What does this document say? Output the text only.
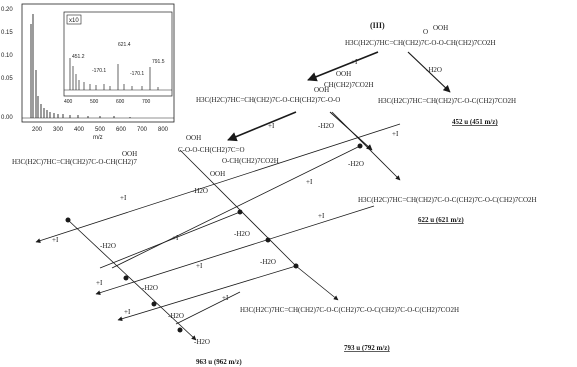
0.20
0.15
0.10
0.05
0.00
200 300 400 500 600 700 800
m/z
x10
451.2
621.4
791.5
-170.1	-170.1
400	500	600	700
(III)	OOH
O
H3C(H2C)7HC=CH(CH2)7C-O-O-CH(CH2)7CO2H
+I
-H2O
OOH
OOH
H3C(H2C)7HC=CH(CH2)7C-O-CH(CH2)7C-O-O
CH(CH2)7CO2H
H3C(H2C)7HC=CH(CH2)7C-O-C(CH2)7CO2H
452 u (451 m/z)
+I	-H2O
OOH
OOH
H3C(H2C)7HC=CH(CH2)7C-O-CH(CH2)7
C-O-O-CH(CH2)7C=O
O-CH(CH2)7CO2H
OOH
+I
-H2O
+I
-H2O
+I
+I
-H2O
+I
-H2O
+I
-H2O
+I
+I
-H2O
+I
+I	-H2O
-H2O
H3C(H2C)7HC=CH(CH2)7C-O-C(CH2)7C-O-C(CH2)7CO2H
622 u (621 m/z)
H3C(H2C)7HC=CH(CH2)7C-O-C(CH2)7C-O-C(CH2)7C-O-C(CH2)7CO2H
793 u (792 m/z)
963 u (962 m/z)
